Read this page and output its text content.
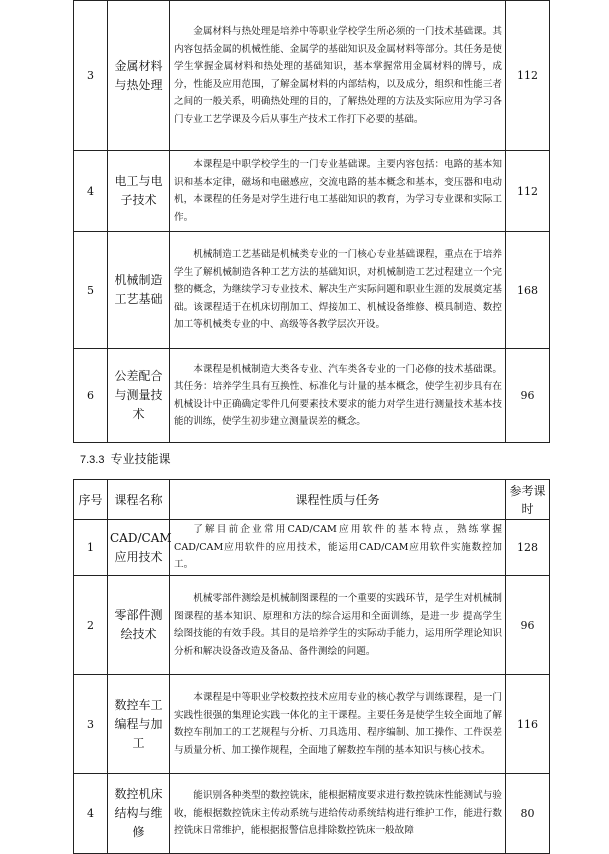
3	金属材料与热处理	金属材料与热处理是培养中等职业学校学生所必须的一门技术基础课。其内容包括金属的机械性能、金属学的基础知识及金属材料等部分。其任务是使学生掌握金属材料和热处理的基础知识，基本掌握常用金属材料的牌号，成分，性能及应用范围，了解金属材料的内部结构，以及成分，组织和性能三者之间的一般关系，明确热处理的目的，了解热处理的方法及实际应用为学习各门专业工艺学课及今后从事生产技术工作打下必要的基础。	112
4	电工与电子技术	本课程是中职学校学生的一门专业基础课。主要内容包括：电路的基本知识和基本定律，磁场和电磁感应，交流电路的基本概念和基本，变压器和电动机，本课程的任务是对学生进行电工基础知识的教育，为学习专业课和实际工作。	112
5	机械制造工艺基础	机械制造工艺基础是机械类专业的一门核心专业基础课程，重点在于培养学生了解机械制造各种工艺方法的基础知识，对机械制造工艺过程建立一个完整的概念，为继续学习专业技术、解决生产实际问题和职业生涯的发展奠定基础。该课程适于在机床切削加工、焊接加工、机械设备维修、模具制造、数控加工等机械类专业的中、高级等各教学层次开设。	168
6	公差配合与测量技术	本课程是机械制造大类各专业、汽车类各专业的一门必修的技术基础课。其任务：培养学生具有互换性、标准化与计量的基本概念，使学生初步具有在机械设计中正确确定零件几何要素技术要求的能力对学生进行测量技术基本技能的训练，使学生初步建立测量误差的概念。	96
7.3.3 专业技能课
序号	课程名称	课程性质与任务	参考课时
1	CAD/CAM应用技术	了解目前企业常用CAD/CAM应用软件的基本特点，熟练掌握CAD/CAM应用软件的应用技术，能运用CAD/CAM应用软件实施数控加工。	128
2	零部件测绘技术	机械零部件测绘是机械制图课程的一个重要的实践环节，是学生对机械制图课程的基本知识、原理和方法的综合运用和全面训练，是进一步 提高学生绘图技能的有效手段。其目的是培养学生的实际动手能力，运用所学理论知识分析和解决设备改造及备品、备件测绘的问题。	96
3	数控车工编程与加工	本课程是中等职业学校数控技术应用专业的核心教学与训练课程，是一门实践性很强的集理论实践一体化的主干课程。主要任务是使学生较全面地了解数控车削加工的工艺规程与分析、刀具选用、程序编制、加工操作、工件误差与质量分析、加工操作规程，全面地了解数控车削的基本知识与核心技术。	116
4	数控机床结构与维修	能识别各种类型的数控铣床，能根据精度要求进行数控铣床性能测试与验收，能根据数控铣床主传动系统与进给传动系统结构进行维护工作，能进行数控铣床日常维护，能根据报警信息排除数控铣床一般故障	80
